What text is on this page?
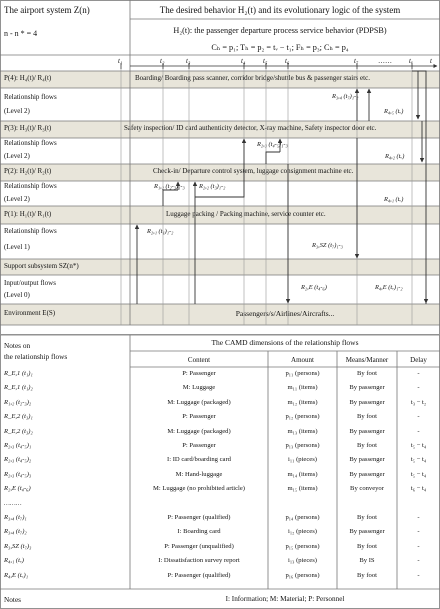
The airport system Z(n)
n - n * = 4
The desired behavior H₂(t) and its evolutionary logic of the system
H₂(t): the passenger departure process service behavior (PDPSB)
Cₕ = p₁; Tₕ = p₂ = tᵥ − t₁; Fₕ = p₃; Cₕ = p₄
t₁	t₂	t₃	t₄	t₅	t₆	t₇	…… tᵥ t
P(4): H₄(t)/ R₄(t)
Relationship flows
(Level 2)
P(3): H₃(t)/ R₃(t)
Relationship flows
(Level 2)
P(2): H₂(t)/ R₂(t)
Relationship flows
(Level 2)
P(1): H₁(t)/ R₁(t)
Relationship flows
(Level 1)
Support subsystem SZ(n*)
Input/output flows
(Level 0)
Environment E(S)
Boarding/ Boarding pass scanner, corridor bridge/shuttle bus & passenger stairs etc.
Safety inspection/ ID card authenticity detector, X-ray machine, Safety inspector door etc.
Check-in/ Departure control system, luggage consignment machine etc.
Luggage packing / Packing machine, service counter etc.
Passengers/s/Airlines/Aircrafts...
R₃,₄ (t₇)₁-₂
R₄,₅ (tᵥ)
R₂,₃ (t₄-₅)₁-₃
R₄,₂ (tᵥ)
R₁,₂ (t₂-₃)₁-₃ R₂,₂ (t₃)₁-₂
R₄,₁ (tᵥ)
R₂,₁ (t₁)₁-₂
R₃,SZ (t₇)₁-₃
R₂,E (t₄-₆)	R₄,E (tᵥ)₁-₂
Notes on
the relationship flows
The CAMD dimensions of the relationship flows
Content	Amount	Means/Manner	Delay
R_E,1 (t₁)₁	P: Passenger	p₁₁ (persons)	By foot	-
R_E,1 (t₁)₂	M: Luggage	m₁₁ (items)	By passenger	-
R₁,₂ (t₂-₃)₂	M: Luggage (packaged)	m₁₂ (items)	By passenger	t₃ − t₂
R_E,2 (t₃)₁	P: Passenger	p₁₂ (persons)	By foot	-
R_E,2 (t₃)₂	M: Luggage (packaged)	m₁₃ (items)	By passenger	-
R₂,₃ (t₄-₅)₁	P: Passenger	p₁₃ (persons)	By foot	t₅ − t₄
R₂,₃ (t₄-₅)₂	I: ID card/boarding card	i₁₁ (pieces)	By passenger	t₅ − t₄
R₂,₃ (t₄-₅)₃	M: Hand-luggage	m₁₄ (items)	By passenger	t₅ − t₄
R₂,E (t₄-₆)	M: Luggage (no prohibited article)	m₁₅ (items)	By conveyor	t₆ − t₄
………
R₃,₄ (t₇)₁	P: Passenger (qualified)	p₁₄ (persons)	By foot	-
R₃,₄ (t₇)₂	I: Boarding card	i₁₂ (pieces)	By passenger	-
R₃,SZ (t₇)₃	P: Passenger (unqualified)	p₁₅ (persons)	By foot	-
R₄,₁ (tᵥ)	I: Dissatisfaction survey report	i₁₃ (pieces)	By IS	-
R₄,E (tᵥ)₁	P: Passenger (qualified)	p₁₆ (persons)	By foot	-
Notes	I: Information; M: Material; P: Personnel
